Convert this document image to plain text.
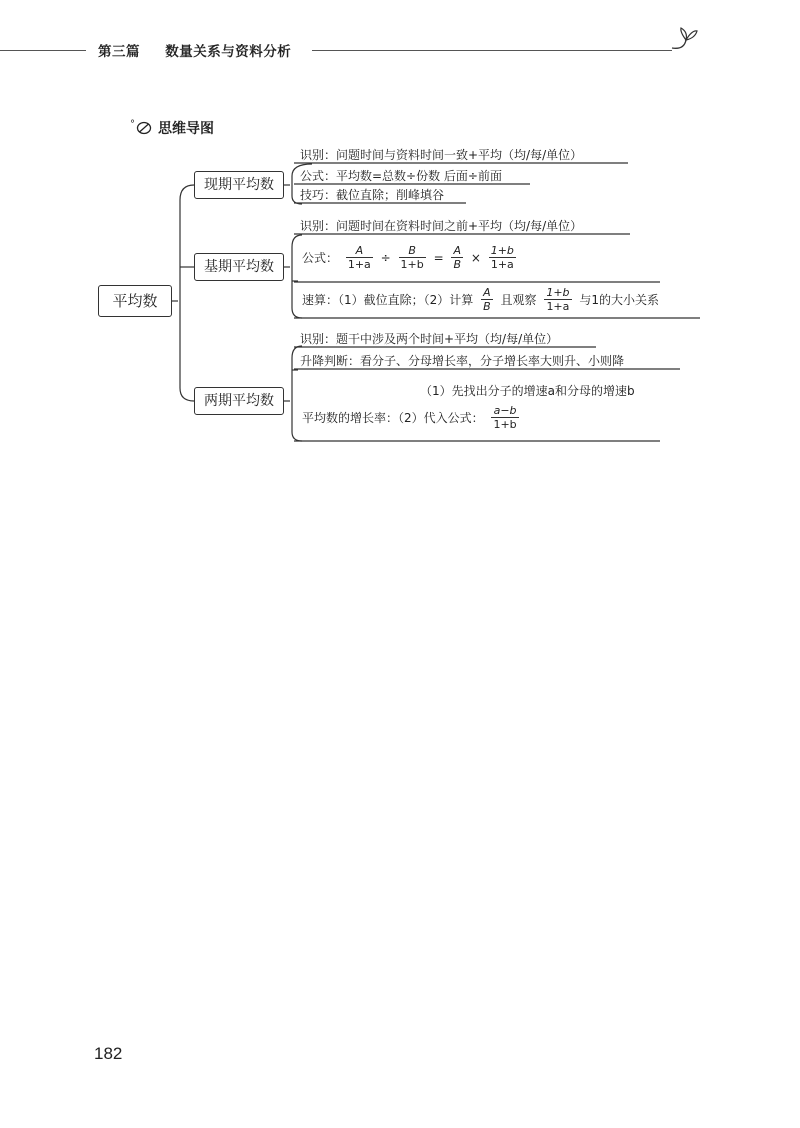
第三篇 数量关系与资料分析
° 思维导图
平均数
现期平均数
基期平均数
两期平均数
识别：问题时间与资料时间一致+平均（均/每/单位）
公式：平均数=总数÷份数 后面÷前面
技巧：截位直除；削峰填谷
识别：问题时间在资料时间之前+平均（均/每/单位）
公式： $\frac{A}{1+a} \div \frac{B}{1+b} = \frac{A}{B} \times \frac{1+b}{1+a}$
速算：（1）截位直除；（2）计算 $\frac{A}{B}$ 且观察 $\frac{1+b}{1+a}$ 与1的大小关系
识别：题干中涉及两个时间+平均（均/每/单位）
升降判断：看分子、分母增长率，分子增长率大则升、小则降
（1）先找出分子的增速a和分母的增速b
平均数的增长率：（2）代入公式： $\frac{a-b}{1+b}$
182
